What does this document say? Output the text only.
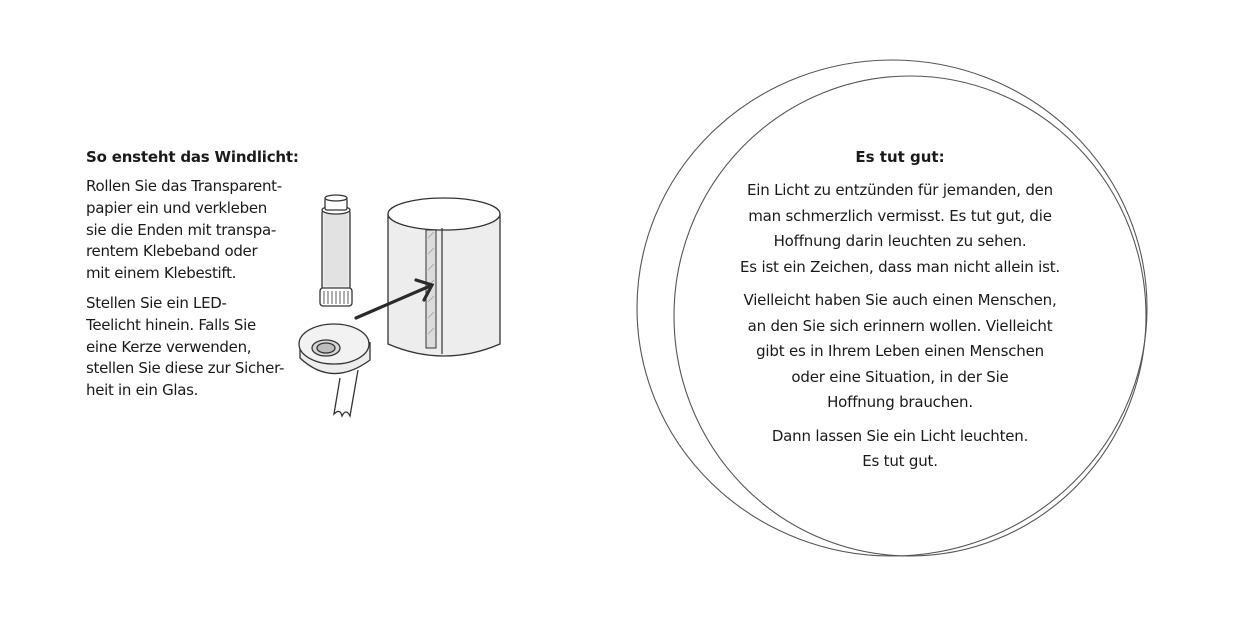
So ensteht das Windlicht:

Rollen Sie das Transparent-
papier ein und verkleben
sie die Enden mit transpa-
rentem Klebeband oder
mit einem Klebestift.

Stellen Sie ein LED-
Teelicht hinein. Falls Sie
eine Kerze verwenden,
stellen Sie diese zur Sicher-
heit in ein Glas.

Es tut gut:

Ein Licht zu entzünden für jemanden, den
man schmerzlich vermisst. Es tut gut, die
Hoffnung darin leuchten zu sehen.
Es ist ein Zeichen, dass man nicht allein ist.

Vielleicht haben Sie auch einen Menschen,
an den Sie sich erinnern wollen. Vielleicht
gibt es in Ihrem Leben einen Menschen
oder eine Situation, in der Sie
Hoffnung brauchen.

Dann lassen Sie ein Licht leuchten.
Es tut gut.
